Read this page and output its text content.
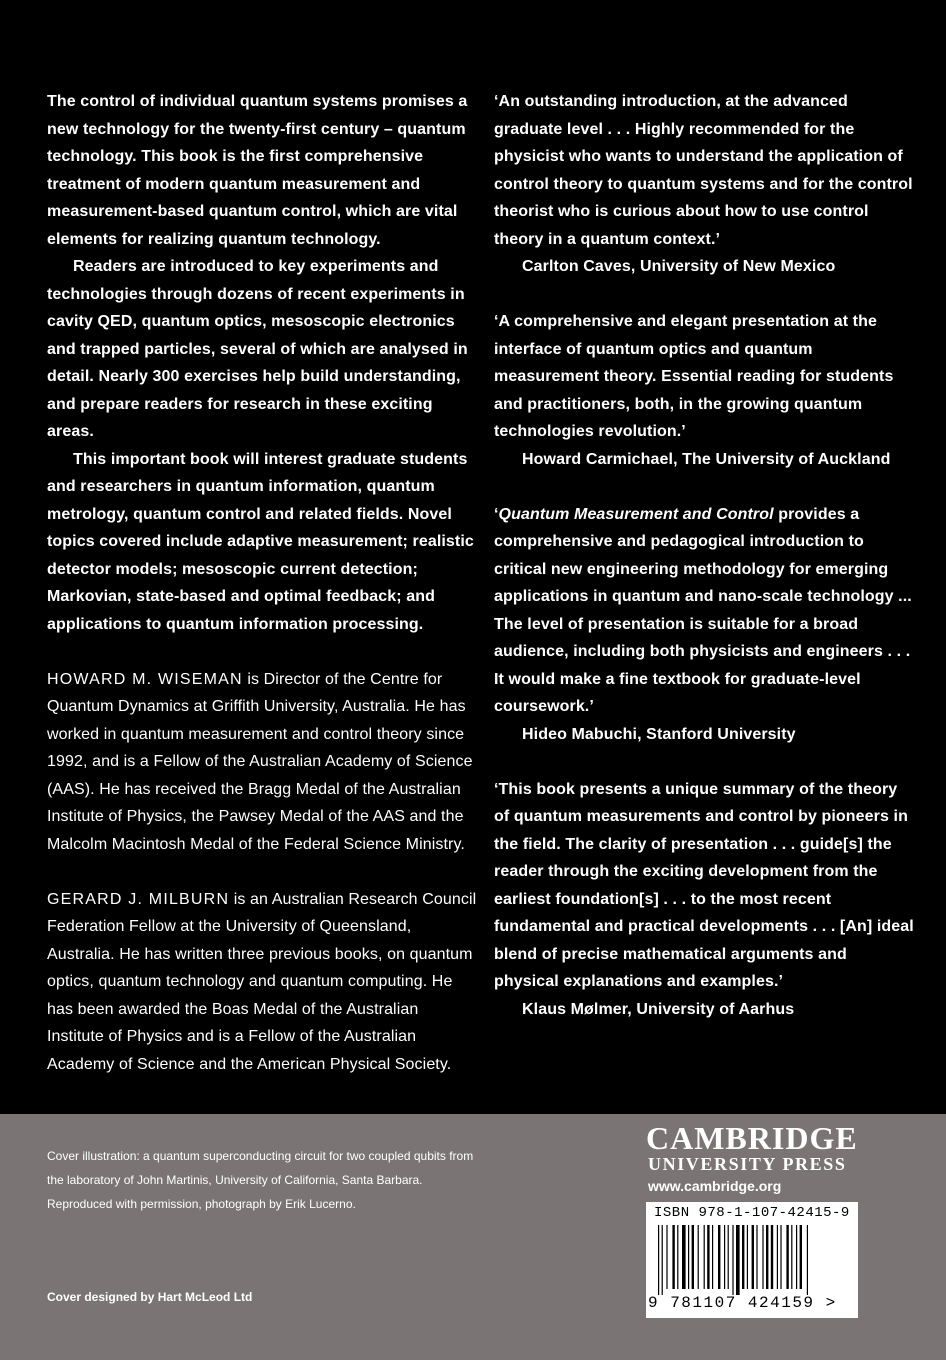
The control of individual quantum systems promises a new technology for the twenty-first century – quantum technology. This book is the first comprehensive treatment of modern quantum measurement and measurement-based quantum control, which are vital elements for realizing quantum technology.

Readers are introduced to key experiments and technologies through dozens of recent experiments in cavity QED, quantum optics, mesoscopic electronics and trapped particles, several of which are analysed in detail. Nearly 300 exercises help build understanding, and prepare readers for research in these exciting areas.

This important book will interest graduate students and researchers in quantum information, quantum metrology, quantum control and related fields. Novel topics covered include adaptive measurement; realistic detector models; mesoscopic current detection; Markovian, state-based and optimal feedback; and applications to quantum information processing.

HOWARD M. WISEMAN is Director of the Centre for Quantum Dynamics at Griffith University, Australia. He has worked in quantum measurement and control theory since 1992, and is a Fellow of the Australian Academy of Science (AAS). He has received the Bragg Medal of the Australian Institute of Physics, the Pawsey Medal of the AAS and the Malcolm Macintosh Medal of the Federal Science Ministry.

GERARD J. MILBURN is an Australian Research Council Federation Fellow at the University of Queensland, Australia. He has written three previous books, on quantum optics, quantum technology and quantum computing. He has been awarded the Boas Medal of the Australian Institute of Physics and is a Fellow of the Australian Academy of Science and the American Physical Society.

‘An outstanding introduction, at the advanced graduate level . . . Highly recommended for the physicist who wants to understand the application of control theory to quantum systems and for the control theorist who is curious about how to use control theory in a quantum context.’

Carlton Caves, University of New Mexico

‘A comprehensive and elegant presentation at the interface of quantum optics and quantum measurement theory. Essential reading for students and practitioners, both, in the growing quantum technologies revolution.’

Howard Carmichael, The University of Auckland

‘Quantum Measurement and Control provides a comprehensive and pedagogical introduction to critical new engineering methodology for emerging applications in quantum and nano-scale technology ... The level of presentation is suitable for a broad audience, including both physicists and engineers . . . It would make a fine textbook for graduate-level coursework.’

Hideo Mabuchi, Stanford University

‘This book presents a unique summary of the theory of quantum measurements and control by pioneers in the field. The clarity of presentation . . . guide[s] the reader through the exciting development from the earliest foundation[s] . . . to the most recent fundamental and practical developments . . . [An] ideal blend of precise mathematical arguments and physical explanations and examples.’

Klaus Mølmer, University of Aarhus

Cover illustration: a quantum superconducting circuit for two coupled qubits from the laboratory of John Martinis, University of California, Santa Barbara. Reproduced with permission, photograph by Erik Lucerno.
Cover designed by Hart McLeod Ltd
CAMBRIDGE
UNIVERSITY PRESS
www.cambridge.org
ISBN 978-1-107-42415-9
9 781107 424159 >
